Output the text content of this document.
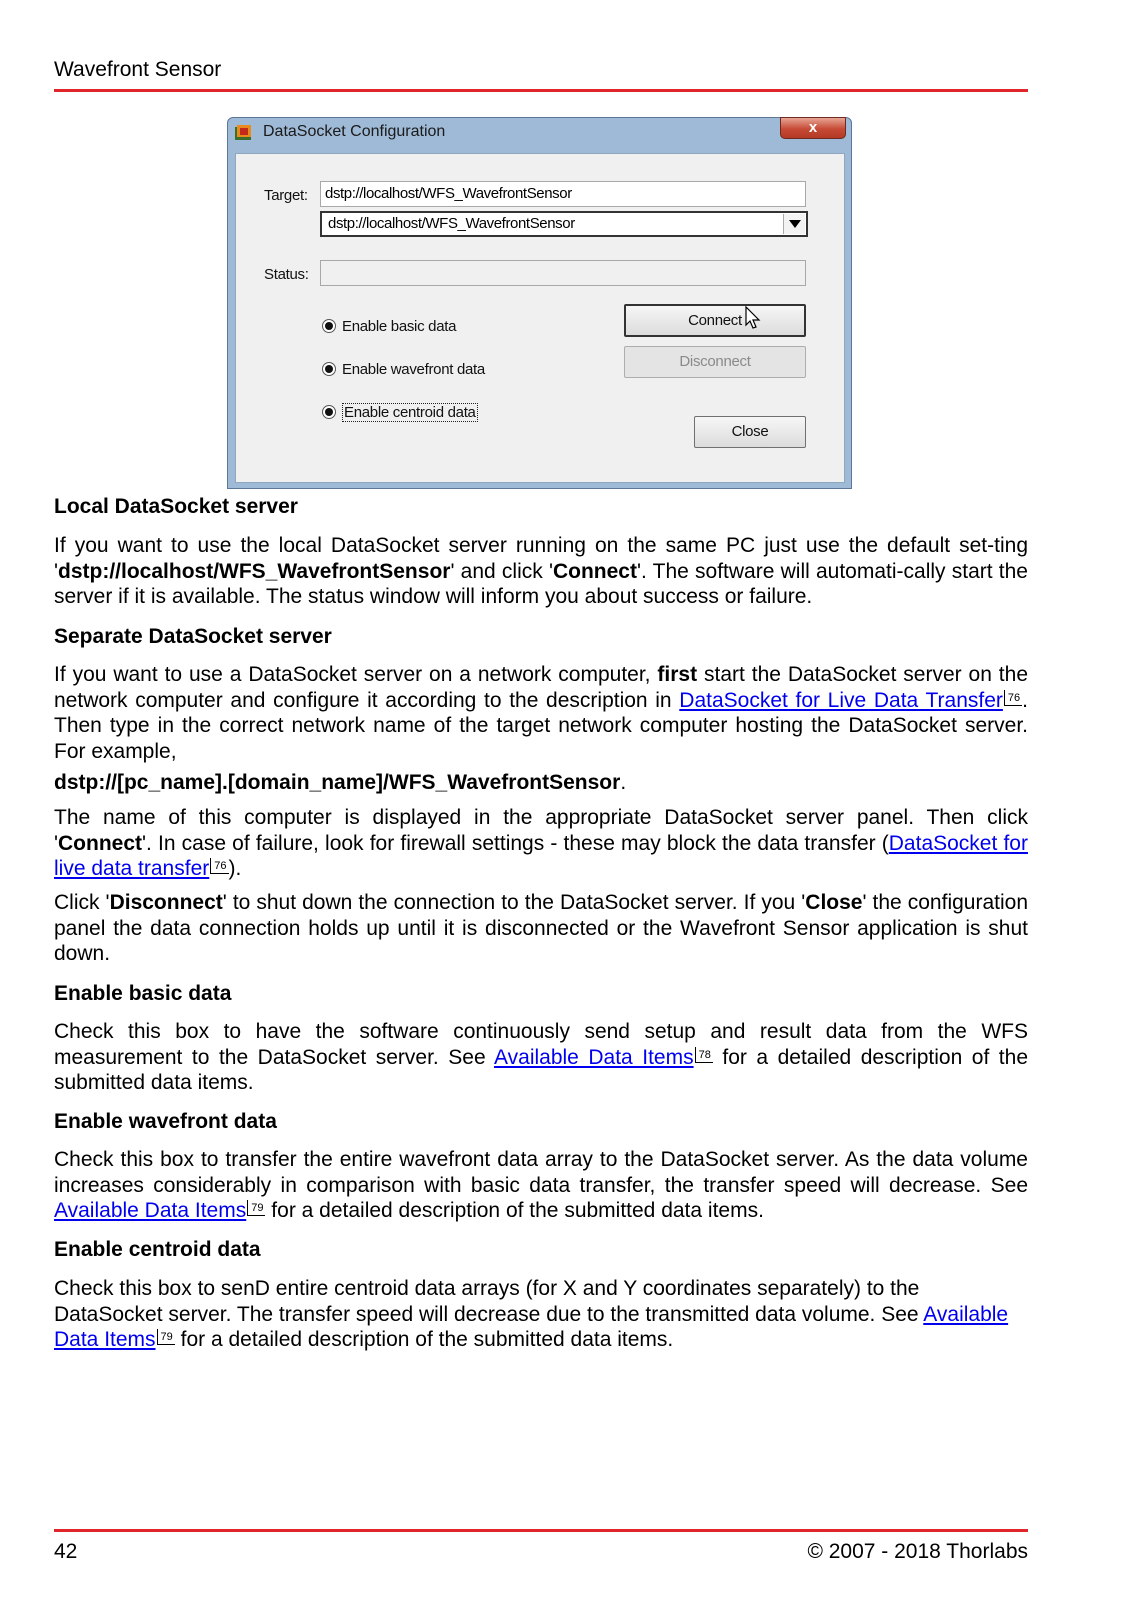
Wavefront Sensor
DataSocket Configuration	x
Target:	dstp://localhost/WFS_WavefrontSensor
dstp://localhost/WFS_WavefrontSensor
Status:
Enable basic data
Enable wavefront data
Enable centroid data
Connect
Disconnect
Close
Local DataSocket server
If you want to use the local DataSocket server running on the same PC just use the default set-ting 'dstp://localhost/WFS_WavefrontSensor' and click 'Connect'. The software will automati-cally start the server if it is available. The status window will inform you about success or failure.
Separate DataSocket server
If you want to use a DataSocket server on a network computer, first start the DataSocket server on the network computer and configure it according to the description in DataSocket for Live Data Transfer 76. Then type in the correct network name of the target network computer hosting the DataSocket server. For example,
dstp://[pc_name].[domain_name]/WFS_WavefrontSensor.
The name of this computer is displayed in the appropriate DataSocket server panel. Then click 'Connect'. In case of failure, look for firewall settings - these may block the data transfer (DataSocket for live data transfer 76).
Click 'Disconnect' to shut down the connection to the DataSocket server. If you 'Close' the configuration panel the data connection holds up until it is disconnected or the Wavefront Sensor application is shut down.
Enable basic data
Check this box to have the software continuously send setup and result data from the WFS measurement to the DataSocket server. See Available Data Items 78 for a detailed description of the submitted data items.
Enable wavefront data
Check this box to transfer the entire wavefront data array to the DataSocket server. As the data volume increases considerably in comparison with basic data transfer, the transfer speed will decrease. See Available Data Items 79 for a detailed description of the submitted data items.
Enable centroid data
Check this box to senD entire centroid data arrays (for X and Y coordinates separately) to the DataSocket server. The transfer speed will decrease due to the transmitted data volume. See Available Data Items 79 for a detailed description of the submitted data items.
42	© 2007 - 2018 Thorlabs
